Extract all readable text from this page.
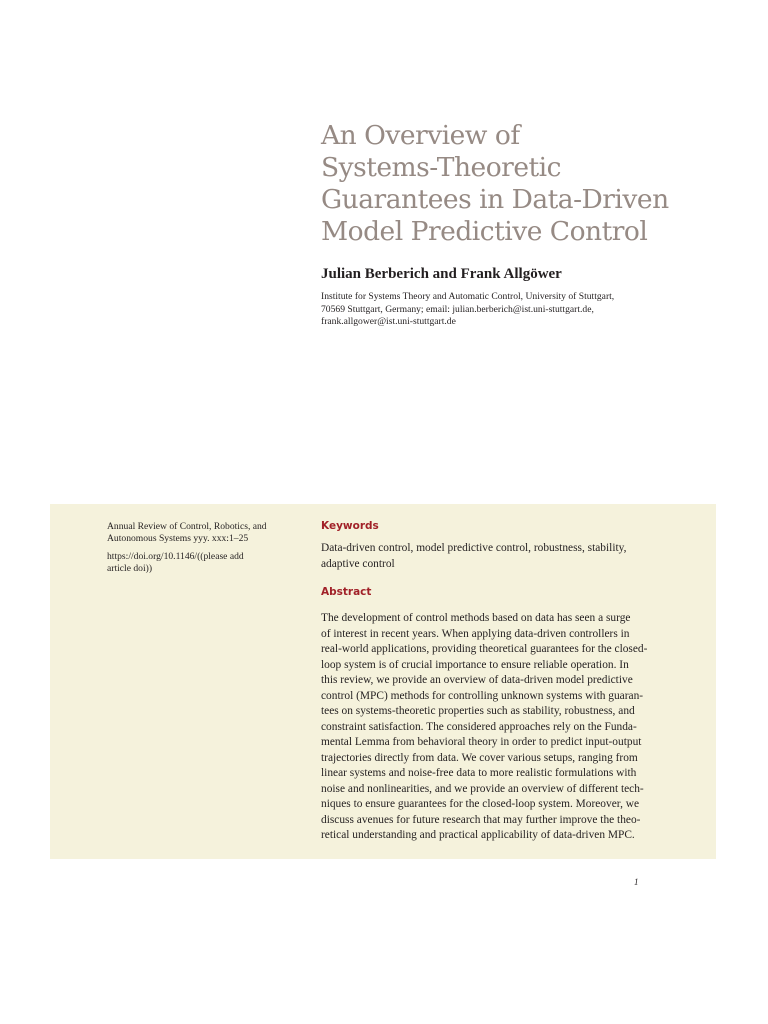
An Overview of
Systems-Theoretic
Guarantees in Data-Driven
Model Predictive Control

Julian Berberich and Frank Allgöwer

Institute for Systems Theory and Automatic Control, University of Stuttgart,
70569 Stuttgart, Germany; email: julian.berberich@ist.uni-stuttgart.de,
frank.allgower@ist.uni-stuttgart.de
Annual Review of Control, Robotics, and
Autonomous Systems yyy. xxx:1–25
https://doi.org/10.1146/((please add
article doi))
Keywords
Data-driven control, model predictive control, robustness, stability,
adaptive control
Abstract
The development of control methods based on data has seen a surge
of interest in recent years. When applying data-driven controllers in
real-world applications, providing theoretical guarantees for the closed-
loop system is of crucial importance to ensure reliable operation. In
this review, we provide an overview of data-driven model predictive
control (MPC) methods for controlling unknown systems with guaran-
tees on systems-theoretic properties such as stability, robustness, and
constraint satisfaction. The considered approaches rely on the Funda-
mental Lemma from behavioral theory in order to predict input-output
trajectories directly from data. We cover various setups, ranging from
linear systems and noise-free data to more realistic formulations with
noise and nonlinearities, and we provide an overview of different tech-
niques to ensure guarantees for the closed-loop system. Moreover, we
discuss avenues for future research that may further improve the theo-
retical understanding and practical applicability of data-driven MPC.
1
